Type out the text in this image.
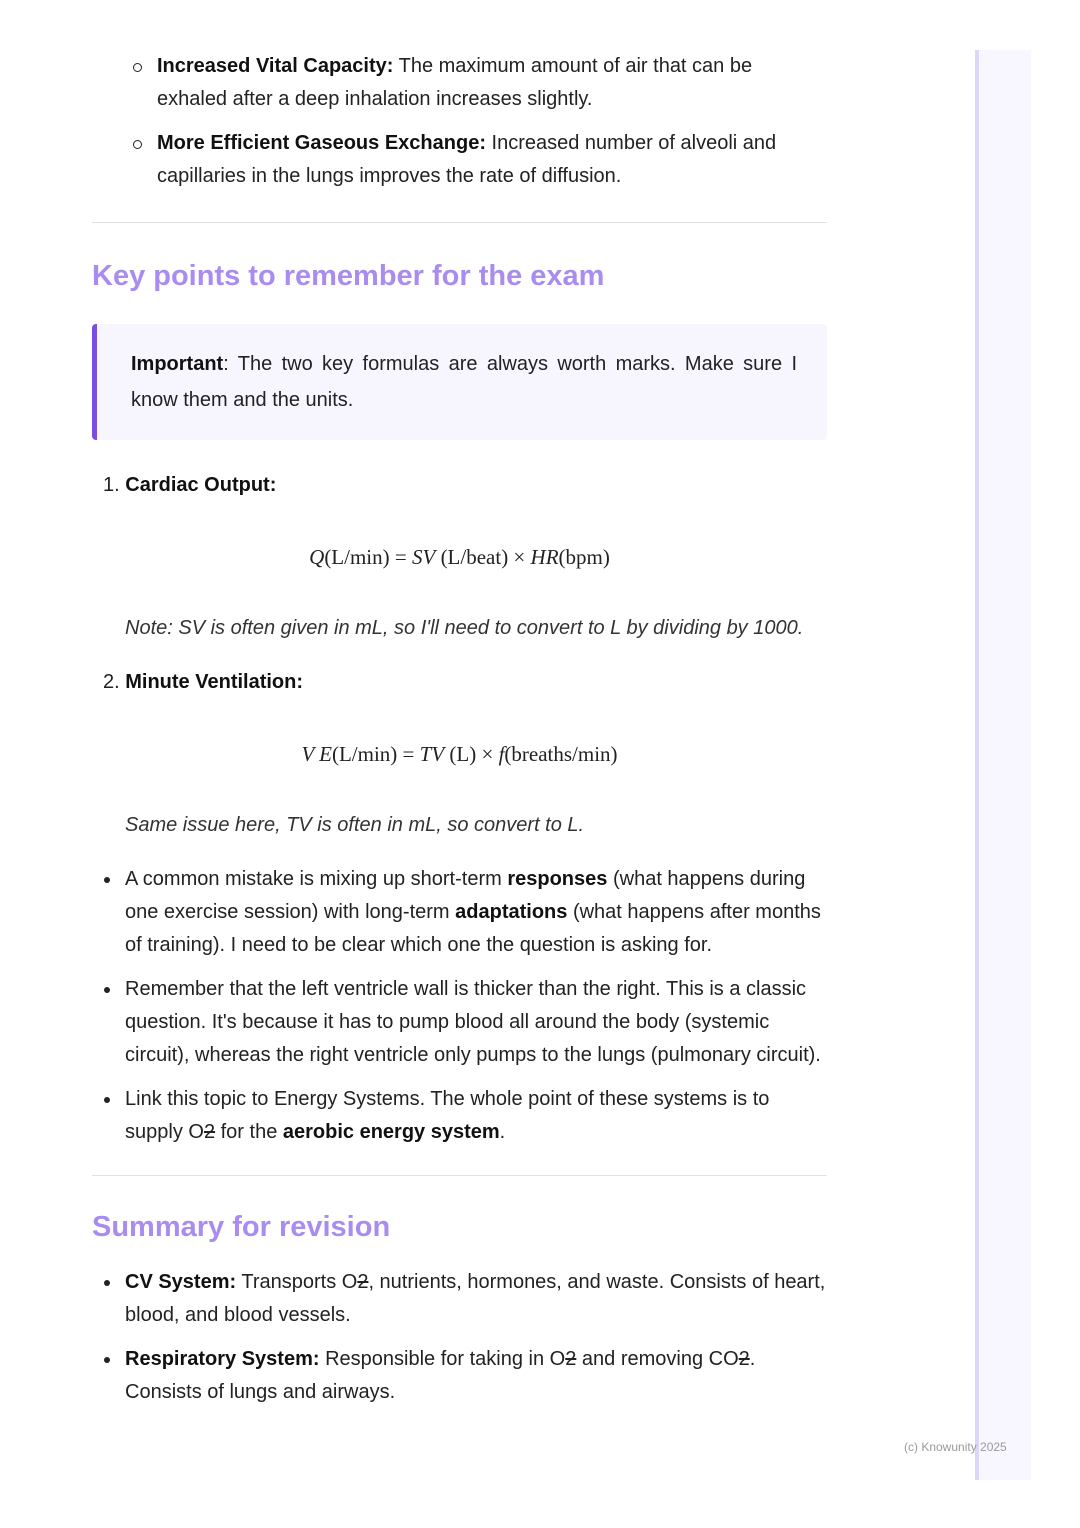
(c) Knowunity 2025
Increased Vital Capacity: The maximum amount of air that can be exhaled after a deep inhalation increases slightly.
More Efficient Gaseous Exchange: Increased number of alveoli and capillaries in the lungs improves the rate of diffusion.
Key points to remember for the exam
Important: The two key formulas are always worth marks. Make sure I know them and the units.
1. Cardiac Output:
Q(L/min) = SV (L/beat) × HR(bpm)
Note: SV is often given in mL, so I'll need to convert to L by dividing by 1000.
2. Minute Ventilation:
V E(L/min) = TV (L) × f(breaths/min)
Same issue here, TV is often in mL, so convert to L.
A common mistake is mixing up short-term responses (what happens during one exercise session) with long-term adaptations (what happens after months of training). I need to be clear which one the question is asking for.
Remember that the left ventricle wall is thicker than the right. This is a classic question. It's because it has to pump blood all around the body (systemic circuit), whereas the right ventricle only pumps to the lungs (pulmonary circuit).
Link this topic to Energy Systems. The whole point of these systems is to supply O2 for the aerobic energy system.
Summary for revision
CV System: Transports O2, nutrients, hormones, and waste. Consists of heart, blood, and blood vessels.
Respiratory System: Responsible for taking in O2 and removing CO2. Consists of lungs and airways.
